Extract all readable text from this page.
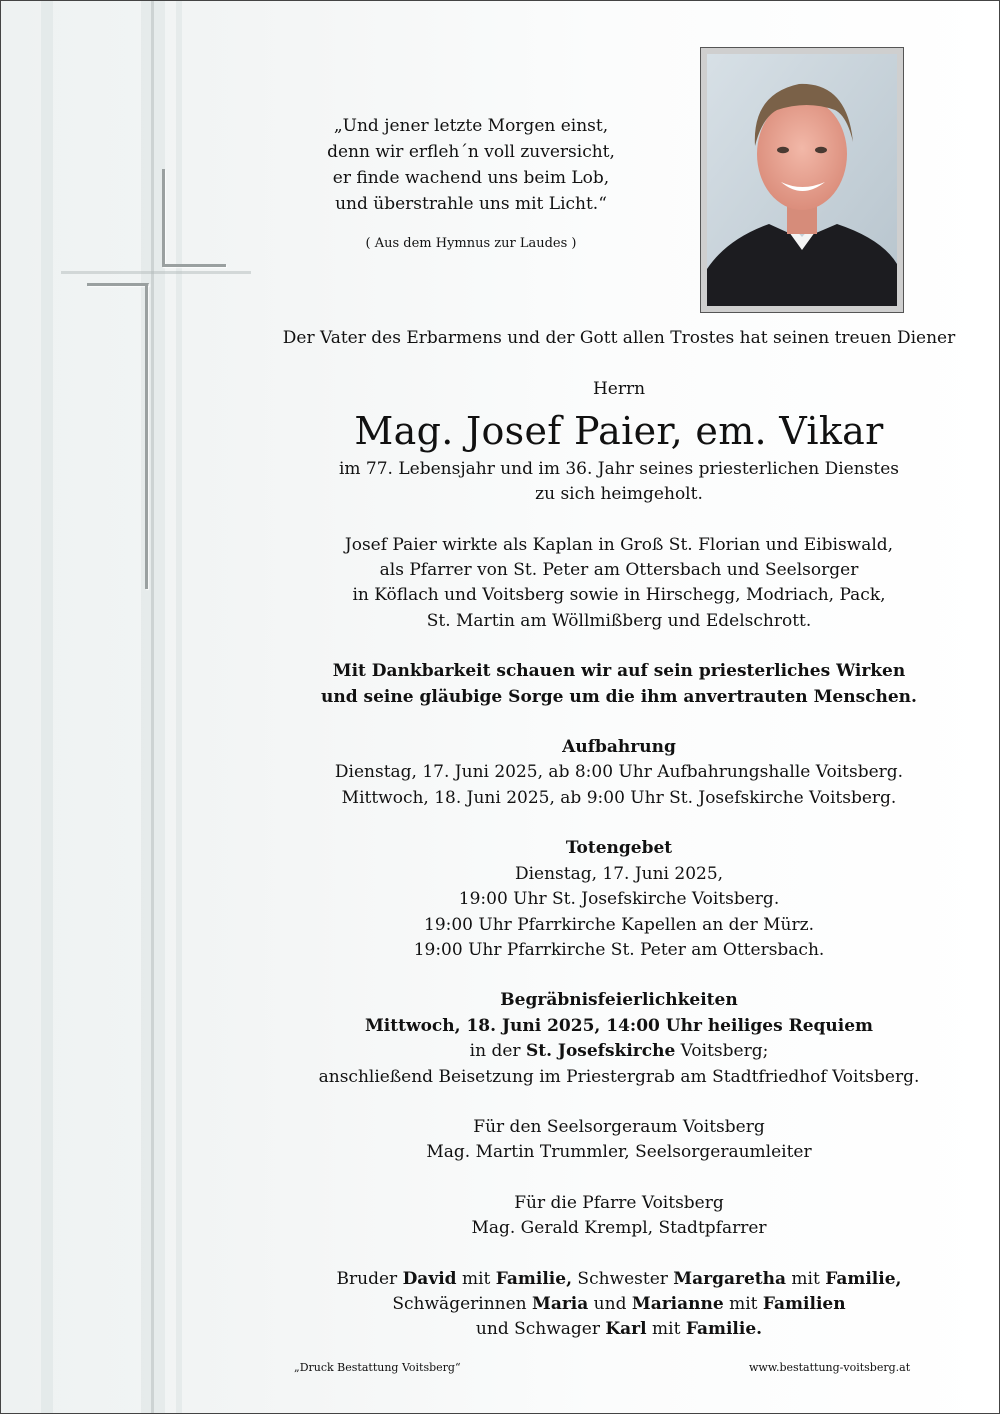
„Und jener letzte Morgen einst,
denn wir erfleh´n voll zuversicht,
er finde wachend uns beim Lob,
und überstrahle uns mit Licht.“
( Aus dem Hymnus zur Laudes )

Der Vater des Erbarmens und der Gott allen Trostes hat seinen treuen Diener

Herrn

Mag. Josef Paier, em. Vikar

im 77. Lebensjahr und im 36. Jahr seines priesterlichen Dienstes

zu sich heimgeholt.

Josef Paier wirkte als Kaplan in Groß St. Florian und Eibiswald,

als Pfarrer von St. Peter am Ottersbach und Seelsorger

in Köflach und Voitsberg sowie in Hirschegg, Modriach, Pack,

St. Martin am Wöllmißberg und Edelschrott.

Mit Dankbarkeit schauen wir auf sein priesterliches Wirken

und seine gläubige Sorge um die ihm anvertrauten Menschen.

Aufbahrung

Dienstag, 17. Juni 2025, ab 8:00 Uhr Aufbahrungshalle Voitsberg.

Mittwoch, 18. Juni 2025, ab 9:00 Uhr St. Josefskirche Voitsberg.

Totengebet

Dienstag, 17. Juni 2025,

19:00 Uhr St. Josefskirche Voitsberg.

19:00 Uhr Pfarrkirche Kapellen an der Mürz.

19:00 Uhr Pfarrkirche St. Peter am Ottersbach.

Begräbnisfeierlichkeiten

Mittwoch, 18. Juni 2025, 14:00 Uhr heiliges Requiem

in der St. Josefskirche Voitsberg;

anschließend Beisetzung im Priestergrab am Stadtfriedhof Voitsberg.

Für den Seelsorgeraum Voitsberg

Mag. Martin Trummler, Seelsorgeraumleiter

Für die Pfarre Voitsberg

Mag. Gerald Krempl, Stadtpfarrer

Bruder David mit Familie, Schwester Margaretha mit Familie,

Schwägerinnen Maria und Marianne mit Familien

und Schwager Karl mit Familie.

„Druck Bestattung Voitsberg“	www.bestattung-voitsberg.at
